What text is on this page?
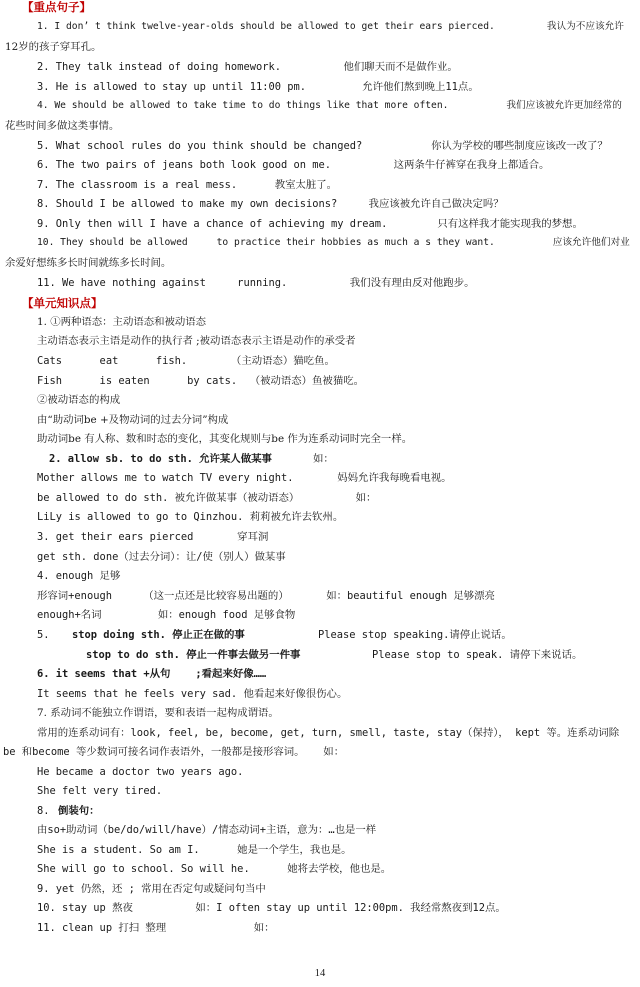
【重点句子】
1. I don’ t think twelve-year-olds should be allowed to get their ears pierced.         我认为不应该允许
12岁的孩子穿耳孔。
2. They talk instead of doing homework.          他们聊天而不是做作业。
3. He is allowed to stay up until 11:00 pm.         允许他们熬到晚上11点。
4. We should be allowed to take time to do things like that more often.          我们应该被允许更加经常的
花些时间多做这类事情。
5. What school rules do you think should be changed?           你认为学校的哪些制度应该改一改了？
6. The two pairs of jeans both look good on me.          这两条牛仔裤穿在我身上都适合。
7. The classroom is a real mess.      教室太脏了。
8. Should I be allowed to make my own decisions?     我应该被允许自己做决定吗？
9. Only then will I have a chance of achieving my dream.        只有这样我才能实现我的梦想。
10. They should be allowed     to practice their hobbies as much a s they want.          应该允许他们对业
余爱好想练多长时间就练多长时间。
11. We have nothing against     running.          我们没有理由反对他跑步。
【单元知识点】
1. ①两种语态：主动语态和被动语态
主动语态表示主语是动作的执行者 ;被动语态表示主语是动作的承受者
Cats      eat      fish.       （主动语态）猫吃鱼。
Fish      is eaten      by cats.  （被动语态）鱼被猫吃。
②被动语态的构成
由“助动词be +及物动词的过去分词”构成
助动词be 有人称、数和时态的变化，其变化规则与be 作为连系动词时完全一样。
2. allow sb. to do sth. 允许某人做某事	如：
Mother allows me to watch TV every night.       妈妈允许我每晚看电视。
be allowed to do sth. 被允许做某事（被动语态）         如：
LiLy is allowed to go to Qinzhou. 莉莉被允许去钦州。
3. get their ears pierced       穿耳洞
get sth. done（过去分词）：让/使（别人）做某事
4. enough 足够
形容词+enough     （这一点还是比较容易出题的）      如：beautiful enough 足够漂亮
enough+名词         如：enough food 足够食物
5. stop doing sth. 停止正在做的事	Please stop speaking.请停止说话。
stop to do sth. 停止一件事去做另一件事	Please stop to speak. 请停下来说话。
6. it seems that +从句    ;看起来好像……
It seems that he feels very sad. 他看起来好像很伤心。
7. 系动词不能独立作谓语，要和表语一起构成谓语。
常用的连系动词有：look, feel, be, become, get, turn, smell, taste, stay（保持）， kept 等。连系动词除
be 和become 等少数词可接名词作表语外，一般都是接形容词。   如：
He became a doctor two years ago.
She felt very tired.
8. 倒装句：
由so+助动词（be/do/will/have）/情态动词+主语，意为：…也是一样
She is a student. So am I.      她是一个学生，我也是。
She will go to school. So will he.      她将去学校，他也是。
9. yet 仍然，还 ; 常用在否定句或疑问句当中
10. stay up 熬夜          如：I often stay up until 12:00pm. 我经常熬夜到12点。
11. clean up 打扫 整理              如：
14
